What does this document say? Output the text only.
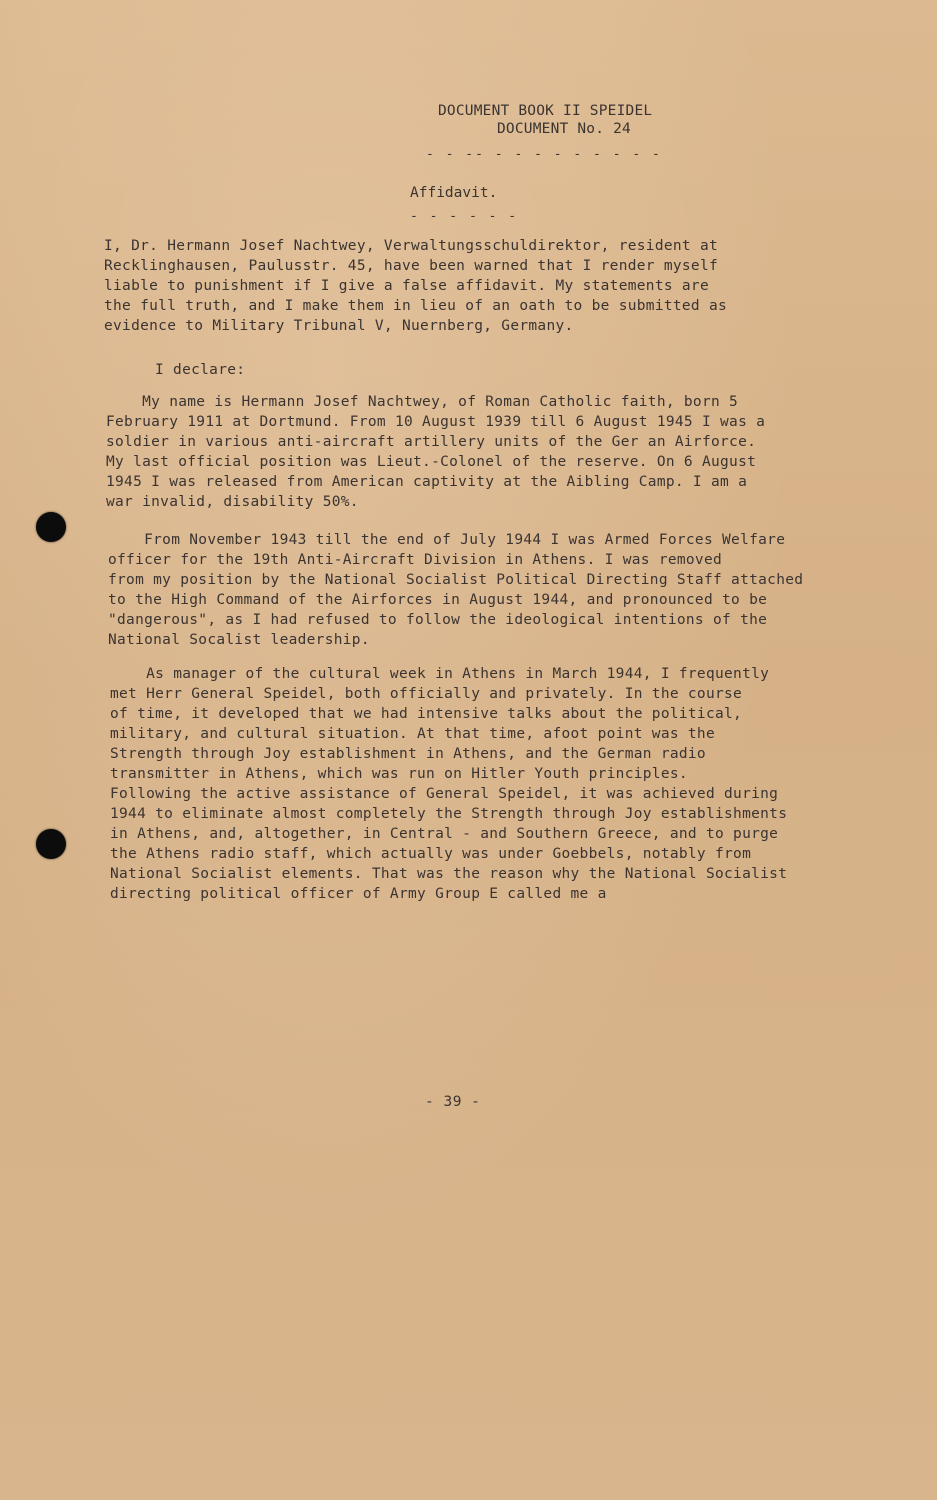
DOCUMENT BOOK II SPEIDEL
DOCUMENT No. 24
- - -- - - - - - - - - -
Affidavit.
- - - - - -
I, Dr. Hermann Josef Nachtwey, Verwaltungsschuldirektor, resident at
Recklinghausen, Paulusstr. 45, have been warned that I render myself
liable to punishment if I give a false affidavit. My statements are
the full truth, and I make them in lieu of an oath to be submitted as
evidence to Military Tribunal V, Nuernberg, Germany.
I declare:
My name is Hermann Josef Nachtwey, of Roman Catholic faith, born 5
February 1911 at Dortmund. From 10 August 1939 till 6 August 1945 I was a
soldier in various anti-aircraft artillery units of the Ger an Airforce.
My last official position was Lieut.-Colonel of the reserve. On 6 August
1945 I was released from American captivity at the Aibling Camp. I am a
war invalid, disability 50%.
From November 1943 till the end of July 1944 I was Armed Forces Welfare
officer for the 19th Anti-Aircraft Division in Athens. I was removed
from my position by the National Socialist Political Directing Staff attached
to the High Command of the Airforces in August 1944, and pronounced to be
"dangerous", as I had refused to follow the ideological intentions of the
National Socalist leadership.
As manager of the cultural week in Athens in March 1944, I frequently
met Herr General Speidel, both officially and privately. In the course
of time, it developed that we had intensive talks about the political,
military, and cultural situation. At that time, afoot point was the
Strength through Joy establishment in Athens, and the German radio
transmitter in Athens, which was run on Hitler Youth principles.
Following the active assistance of General Speidel, it was achieved during
1944 to eliminate almost completely the Strength through Joy establishments
in Athens, and, altogether, in Central - and Southern Greece, and to purge
the Athens radio staff, which actually was under Goebbels, notably from
National Socialist elements. That was the reason why the National Socialist
directing political officer of Army Group E called me a
- 39 -
